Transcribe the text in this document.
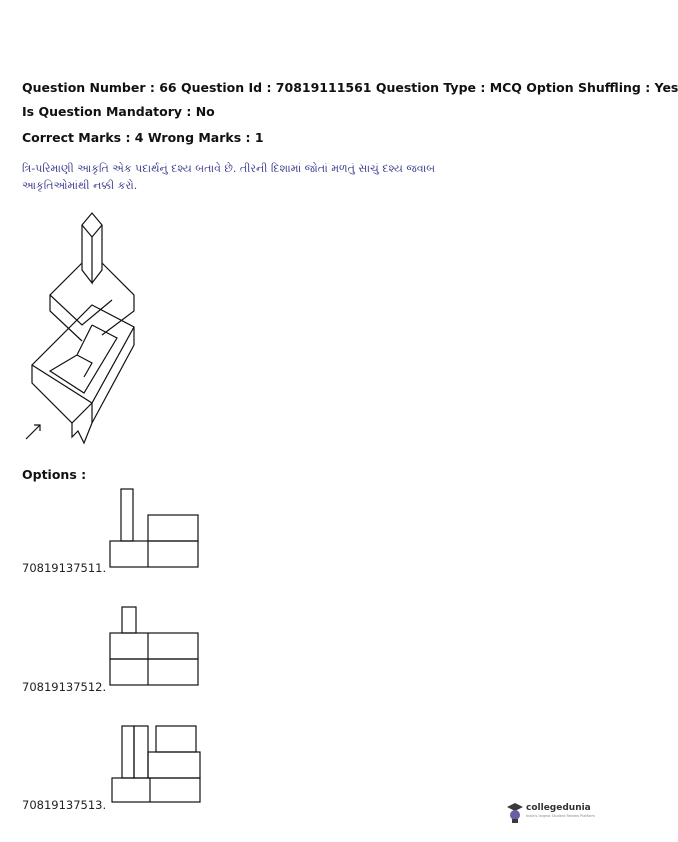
Question Number : 66 Question Id : 70819111561 Question Type : MCQ Option Shuffling : Yes
Is Question Mandatory : No
Correct Marks : 4 Wrong Marks : 1
ત્રિ-પરિમાણી આકૃતિ એક પદાર્થનું દશ્ય બતાવે છે. તીરની દિશામાં જોતાં મળતું સાચું દશ્ય જવાબ આકૃતિઓમાંથી નક્કી કરો.
Options :
70819137511.
70819137512.
70819137513.	collegedunia
India's largest Student Review Platform
